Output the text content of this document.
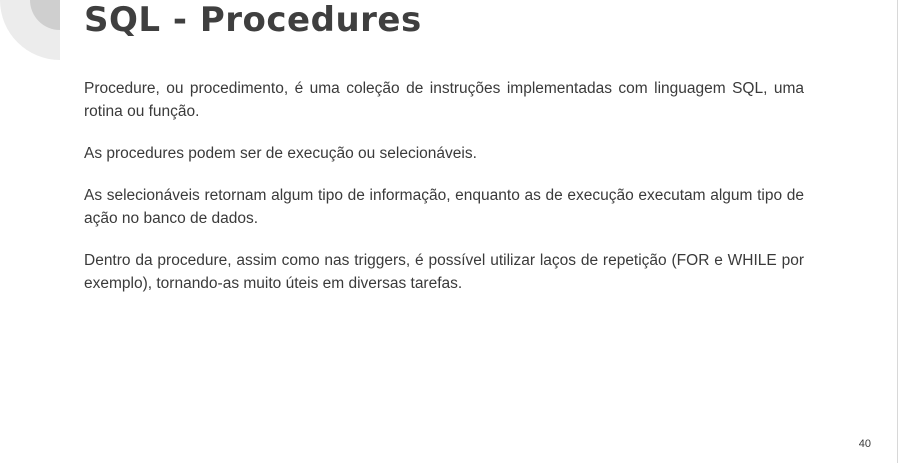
SQL - Procedures

Procedure, ou procedimento, é uma coleção de instruções implementadas com linguagem SQL, uma rotina ou função.

As procedures podem ser de execução ou selecionáveis.

As selecionáveis retornam algum tipo de informação, enquanto as de execução executam algum tipo de ação no banco de dados.

Dentro da procedure, assim como nas triggers, é possível utilizar laços de repetição (FOR e WHILE por exemplo), tornando-as muito úteis em diversas tarefas.

40
